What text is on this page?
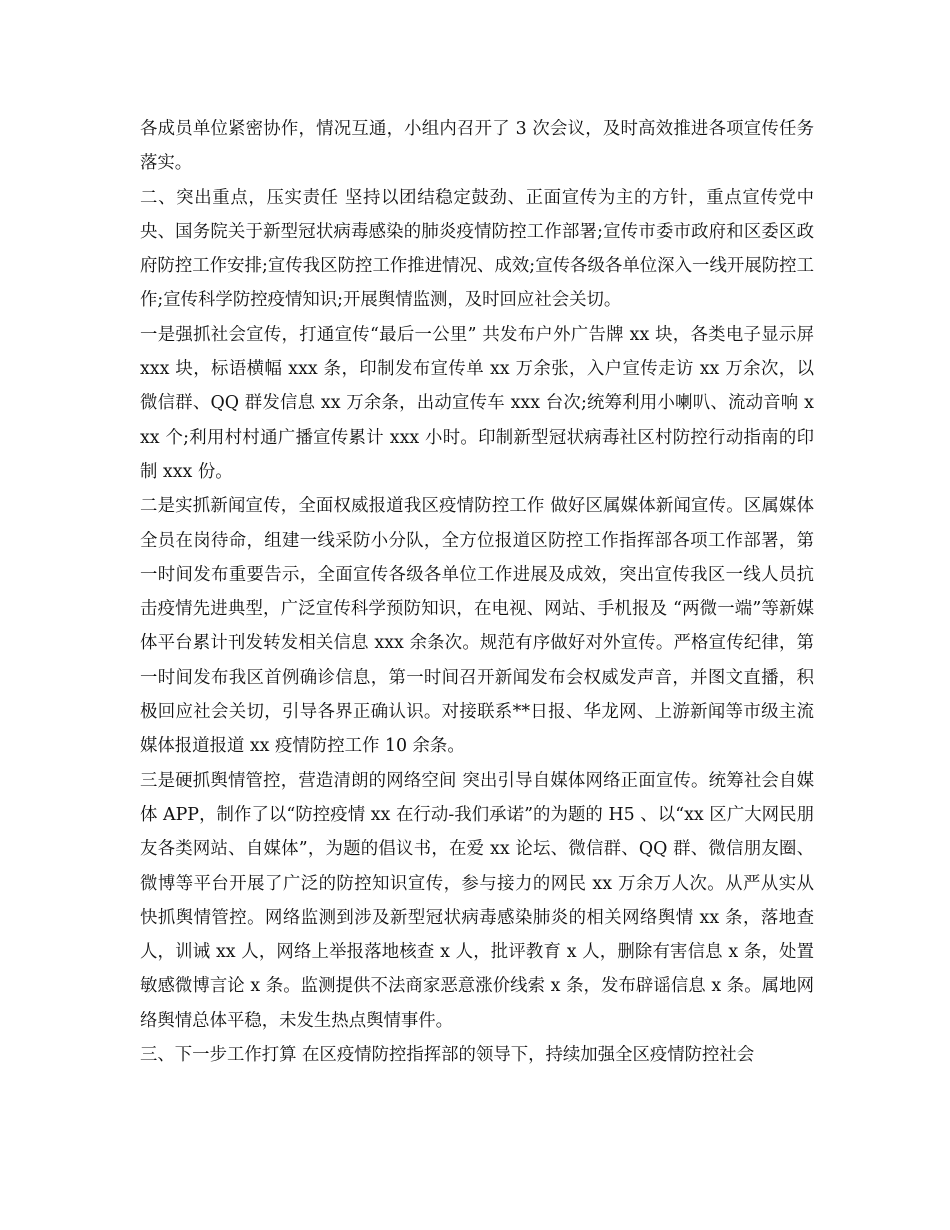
各成员单位紧密协作，情况互通，小组内召开了 3 次会议，及时高效推进各项宣传任务落实。

二、突出重点，压实责任 坚持以团结稳定鼓劲、正面宣传为主的方针，重点宣传党中央、国务院关于新型冠状病毒感染的肺炎疫情防控工作部署;宣传市委市政府和区委区政府防控工作安排;宣传我区防控工作推进情况、成效;宣传各级各单位深入一线开展防控工作;宣传科学防控疫情知识;开展舆情监测，及时回应社会关切。

一是强抓社会宣传，打通宣传“最后一公里” 共发布户外广告牌 xx 块，各类电子显示屏 xxx 块，标语横幅 xxx 条，印制发布宣传单 xx 万余张，入户宣传走访 xx 万余次，以微信群、QQ 群发信息 xx 万余条，出动宣传车 xxx 台次;统筹利用小喇叭、流动音响 xxx 个;利用村村通广播宣传累计 xxx 小时。印制新型冠状病毒社区村防控行动指南的印制 xxx 份。

二是实抓新闻宣传，全面权威报道我区疫情防控工作 做好区属媒体新闻宣传。区属媒体全员在岗待命，组建一线采防小分队，全方位报道区防控工作指挥部各项工作部署，第一时间发布重要告示，全面宣传各级各单位工作进展及成效，突出宣传我区一线人员抗击疫情先进典型，广泛宣传科学预防知识，在电视、网站、手机报及 “两微一端”等新媒体平台累计刊发转发相关信息 xxx 余条次。规范有序做好对外宣传。严格宣传纪律，第一时间发布我区首例确诊信息，第一时间召开新闻发布会权威发声音，并图文直播，积极回应社会关切，引导各界正确认识。对接联系**日报、华龙网、上游新闻等市级主流媒体报道报道 xx 疫情防控工作 10 余条。

三是硬抓舆情管控，营造清朗的网络空间 突出引导自媒体网络正面宣传。统筹社会自媒体 APP，制作了以“防控疫情 xx 在行动-我们承诺”的为题的 H5 、以“xx 区广大网民朋友各类网站、自媒体”，为题的倡议书，在爱 xx 论坛、微信群、QQ 群、微信朋友圈、微博等平台开展了广泛的防控知识宣传，参与接力的网民 xx 万余万人次。从严从实从快抓舆情管控。网络监测到涉及新型冠状病毒感染肺炎的相关网络舆情 xx 条，落地查人，训诫 xx 人，网络上举报落地核查 x 人，批评教育 x 人，删除有害信息 x 条，处置敏感微博言论 x 条。监测提供不法商家恶意涨价线索 x 条，发布辟谣信息 x 条。属地网络舆情总体平稳，未发生热点舆情事件。

三、下一步工作打算 在区疫情防控指挥部的领导下，持续加强全区疫情防控社会
